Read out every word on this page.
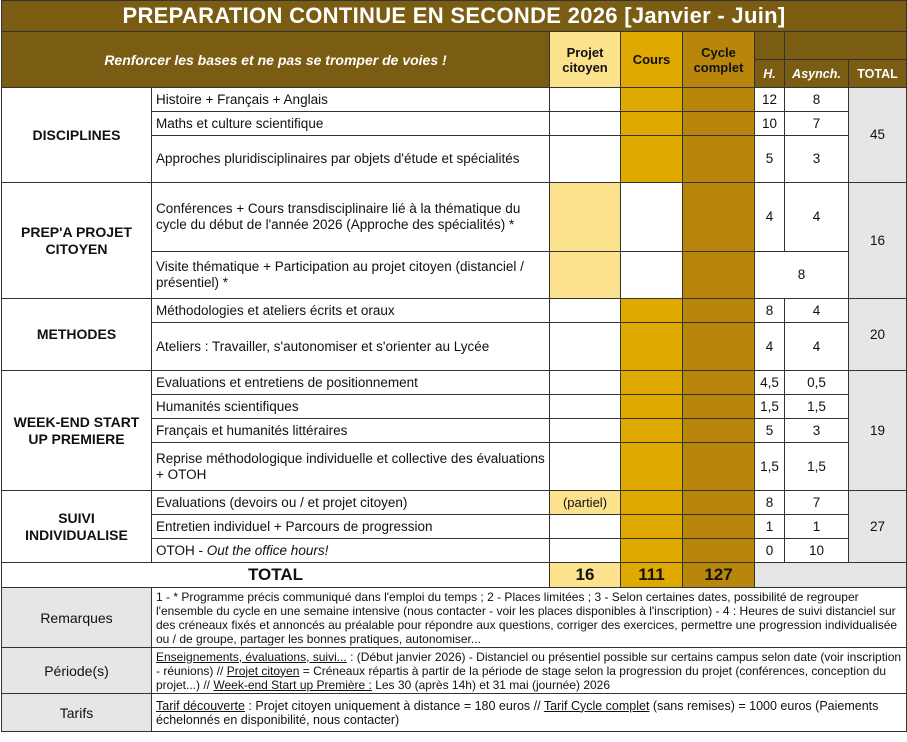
PREPARATION CONTINUE EN SECONDE 2026 [Janvier - Juin]							
Renforcer les bases et ne pas se tromper de voies !		Projet citoyen	Cours	Cycle complet			
					H.	Asynch.	TOTAL
DISCIPLINES	Histoire + Français + Anglais				12	8	45
	Maths et culture scientifique				10	7	
	Approches pluridisciplinaires par objets d'étude et spécialités				5	3	
PREP'A PROJET CITOYEN	Conférences + Cours transdisciplinaire lié à la thématique du cycle du début de l'année 2026 (Approche des spécialités) *				4	4	16
	Visite thématique + Participation au projet citoyen (distanciel / présentiel) *				8		
METHODES	Méthodologies et ateliers écrits et oraux				8	4	20
	Ateliers : Travailler, s'autonomiser et s'orienter au Lycée				4	4	
WEEK-END START UP PREMIERE	Evaluations et entretiens de positionnement				4,5	0,5	19
	Humanités scientifiques				1,5	1,5	
	Français et humanités littéraires				5	3	
	Reprise méthodologique individuelle et collective des évaluations + OTOH				1,5	1,5	
SUIVI INDIVIDUALISE	Evaluations (devoirs ou / et projet citoyen)	(partiel)			8	7	27
	Entretien individuel + Parcours de progression				1	1	
	OTOH - Out the office hours!				0	10	
TOTAL		16	111	127			
Remarques	1 - * Programme précis communiqué dans l'emploi du temps ; 2 - Places limitées ; 3 - Selon certaines dates, possibilité de regrouper l'ensemble du cycle en une semaine intensive (nous contacter - voir les places disponibles à l'inscription) - 4 : Heures de suivi distanciel sur des créneaux fixés et annoncés au préalable pour répondre aux questions, corriger des exercices, permettre une progression individualisée ou / de groupe, partager les bonnes pratiques, autonomiser...						
Période(s)	Enseignements, évaluations, suivi... : (Début janvier 2026) - Distanciel ou présentiel possible sur certains campus selon date (voir inscription - réunions) // Projet citoyen = Créneaux répartis à partir de la période de stage selon la progression du projet (conférences, conception du projet...) // Week-end Start up Première : Les 30 (après 14h) et 31 mai (journée) 2026						
Tarifs	Tarif découverte : Projet citoyen uniquement à distance = 180 euros // Tarif Cycle complet (sans remises) = 1000 euros (Paiements échelonnés en disponibilité, nous contacter)						
